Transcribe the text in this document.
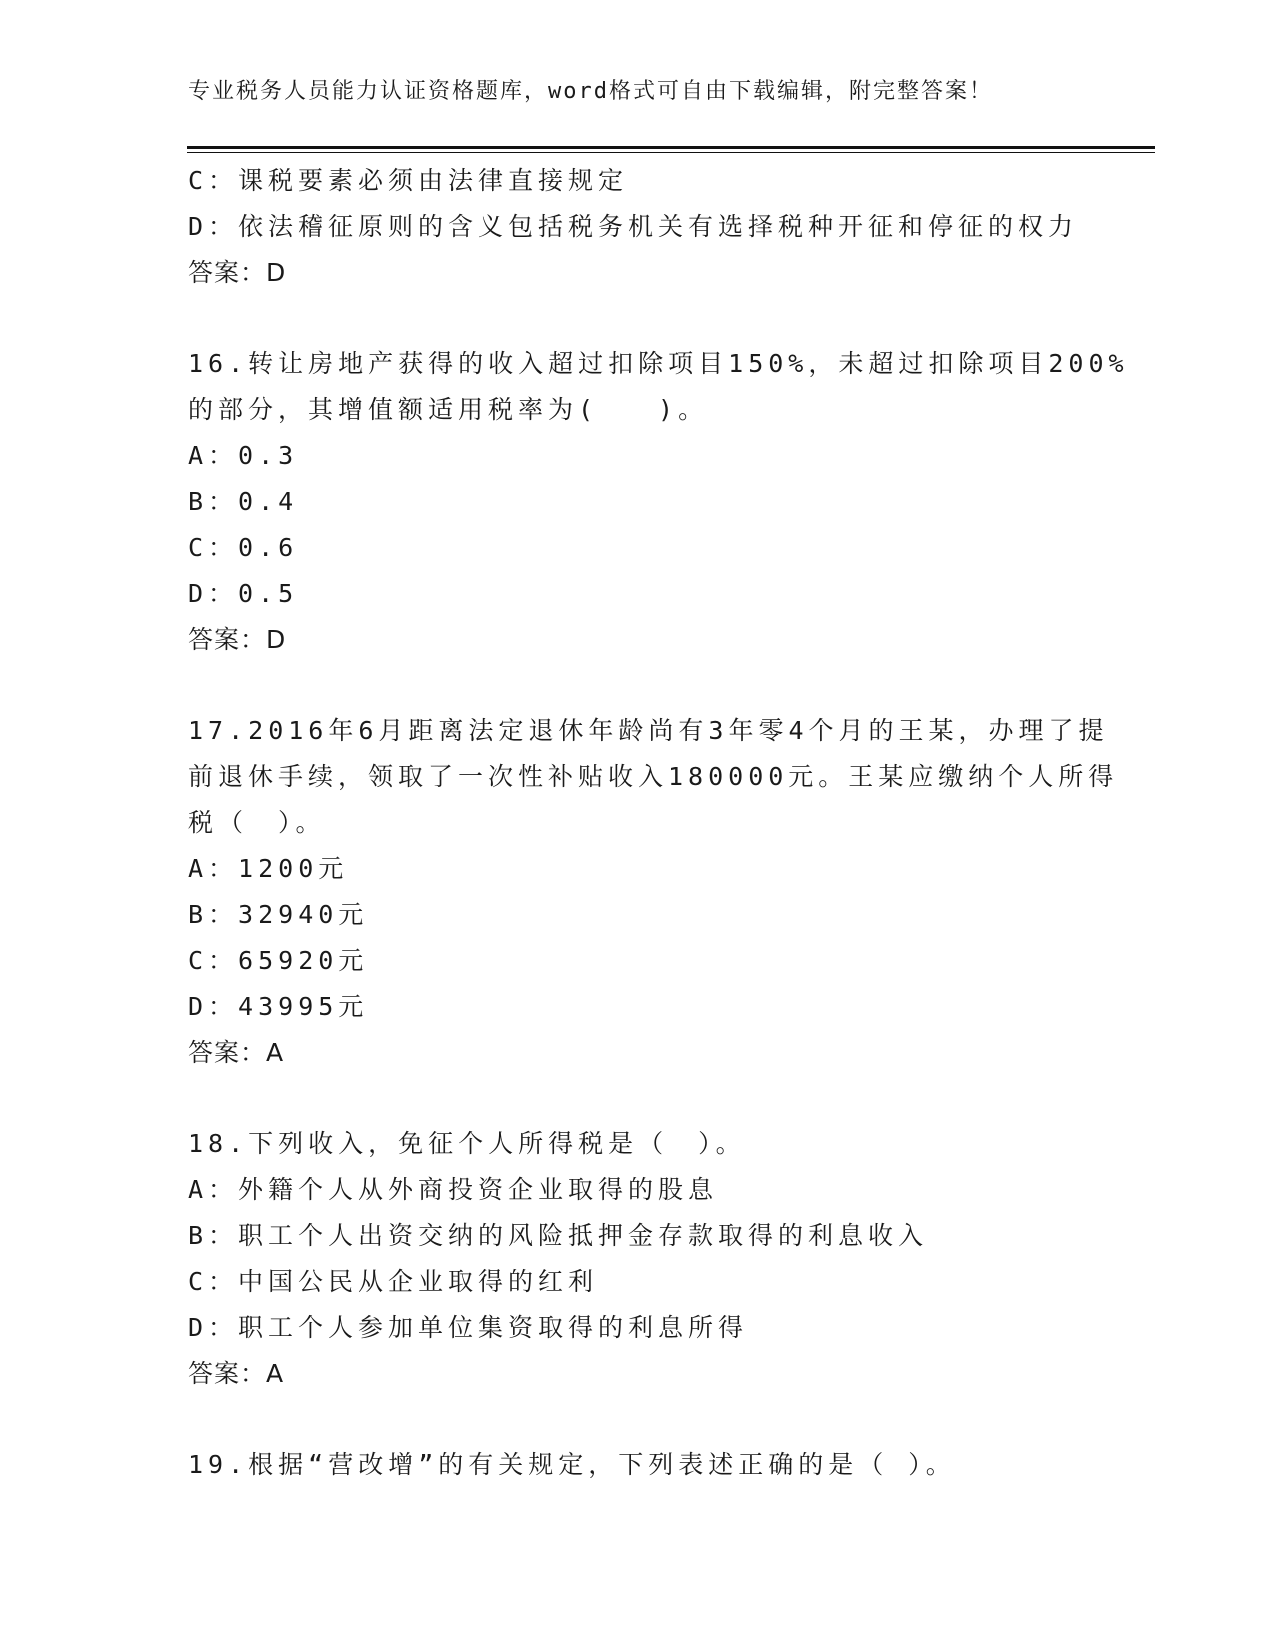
专业税务人员能力认证资格题库，word格式可自由下载编辑，附完整答案！
C：课税要素必须由法律直接规定
D：依法稽征原则的含义包括税务机关有选择税种开征和停征的权力
答案：D
16.转让房地产获得的收入超过扣除项目150%，未超过扣除项目200%
的部分，其增值额适用税率为(　　)。
A：0.3
B：0.4
C：0.6
D：0.5
答案：D
17.2016年6月距离法定退休年龄尚有3年零4个月的王某，办理了提
前退休手续，领取了一次性补贴收入180000元。王某应缴纳个人所得
税（　）。
A：1200元
B：32940元
C：65920元
D：43995元
答案：A
18.下列收入，免征个人所得税是（　）。
A：外籍个人从外商投资企业取得的股息
B：职工个人出资交纳的风险抵押金存款取得的利息收入
C：中国公民从企业取得的红利
D：职工个人参加单位集资取得的利息所得
答案：A
19.根据“营改增”的有关规定，下列表述正确的是（ ）。
